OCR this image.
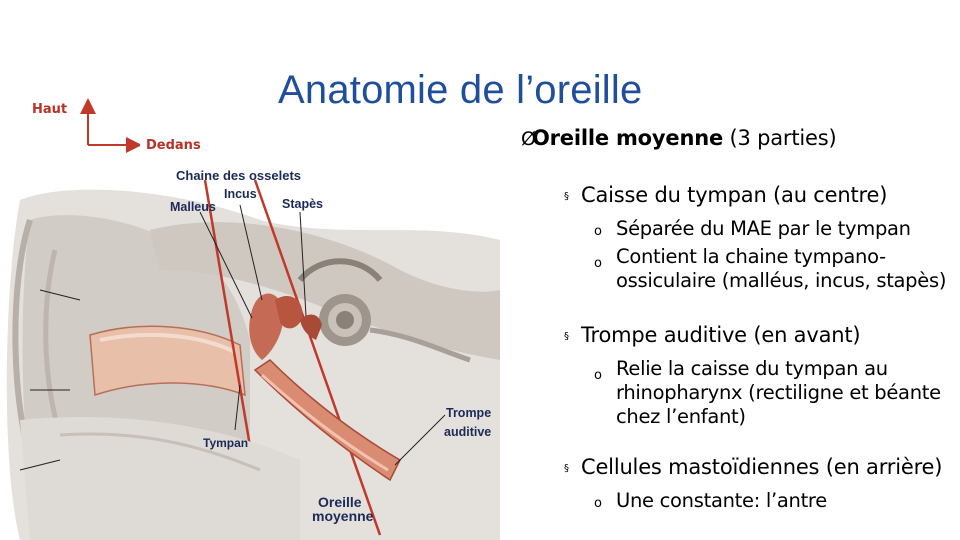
Anatomie de l’oreille
Haut
Dedans
Chaine des osselets
Incus
Malleus	Stapès
Tympan
Trompe
auditive
Oreille
moyenne
Ø
Oreille moyenne (3 parties)
§ Caisse du tympan (au centre)
o Séparée du MAE par le tympan
o Contient la chaine tympano-
ossiculaire (malléus, incus, stapès)
§ Trompe auditive (en avant)
o Relie la caisse du tympan au
rhinopharynx (rectiligne et béante
chez l’enfant)
§ Cellules mastoïdiennes (en arrière)
o Une constante: l’antre
